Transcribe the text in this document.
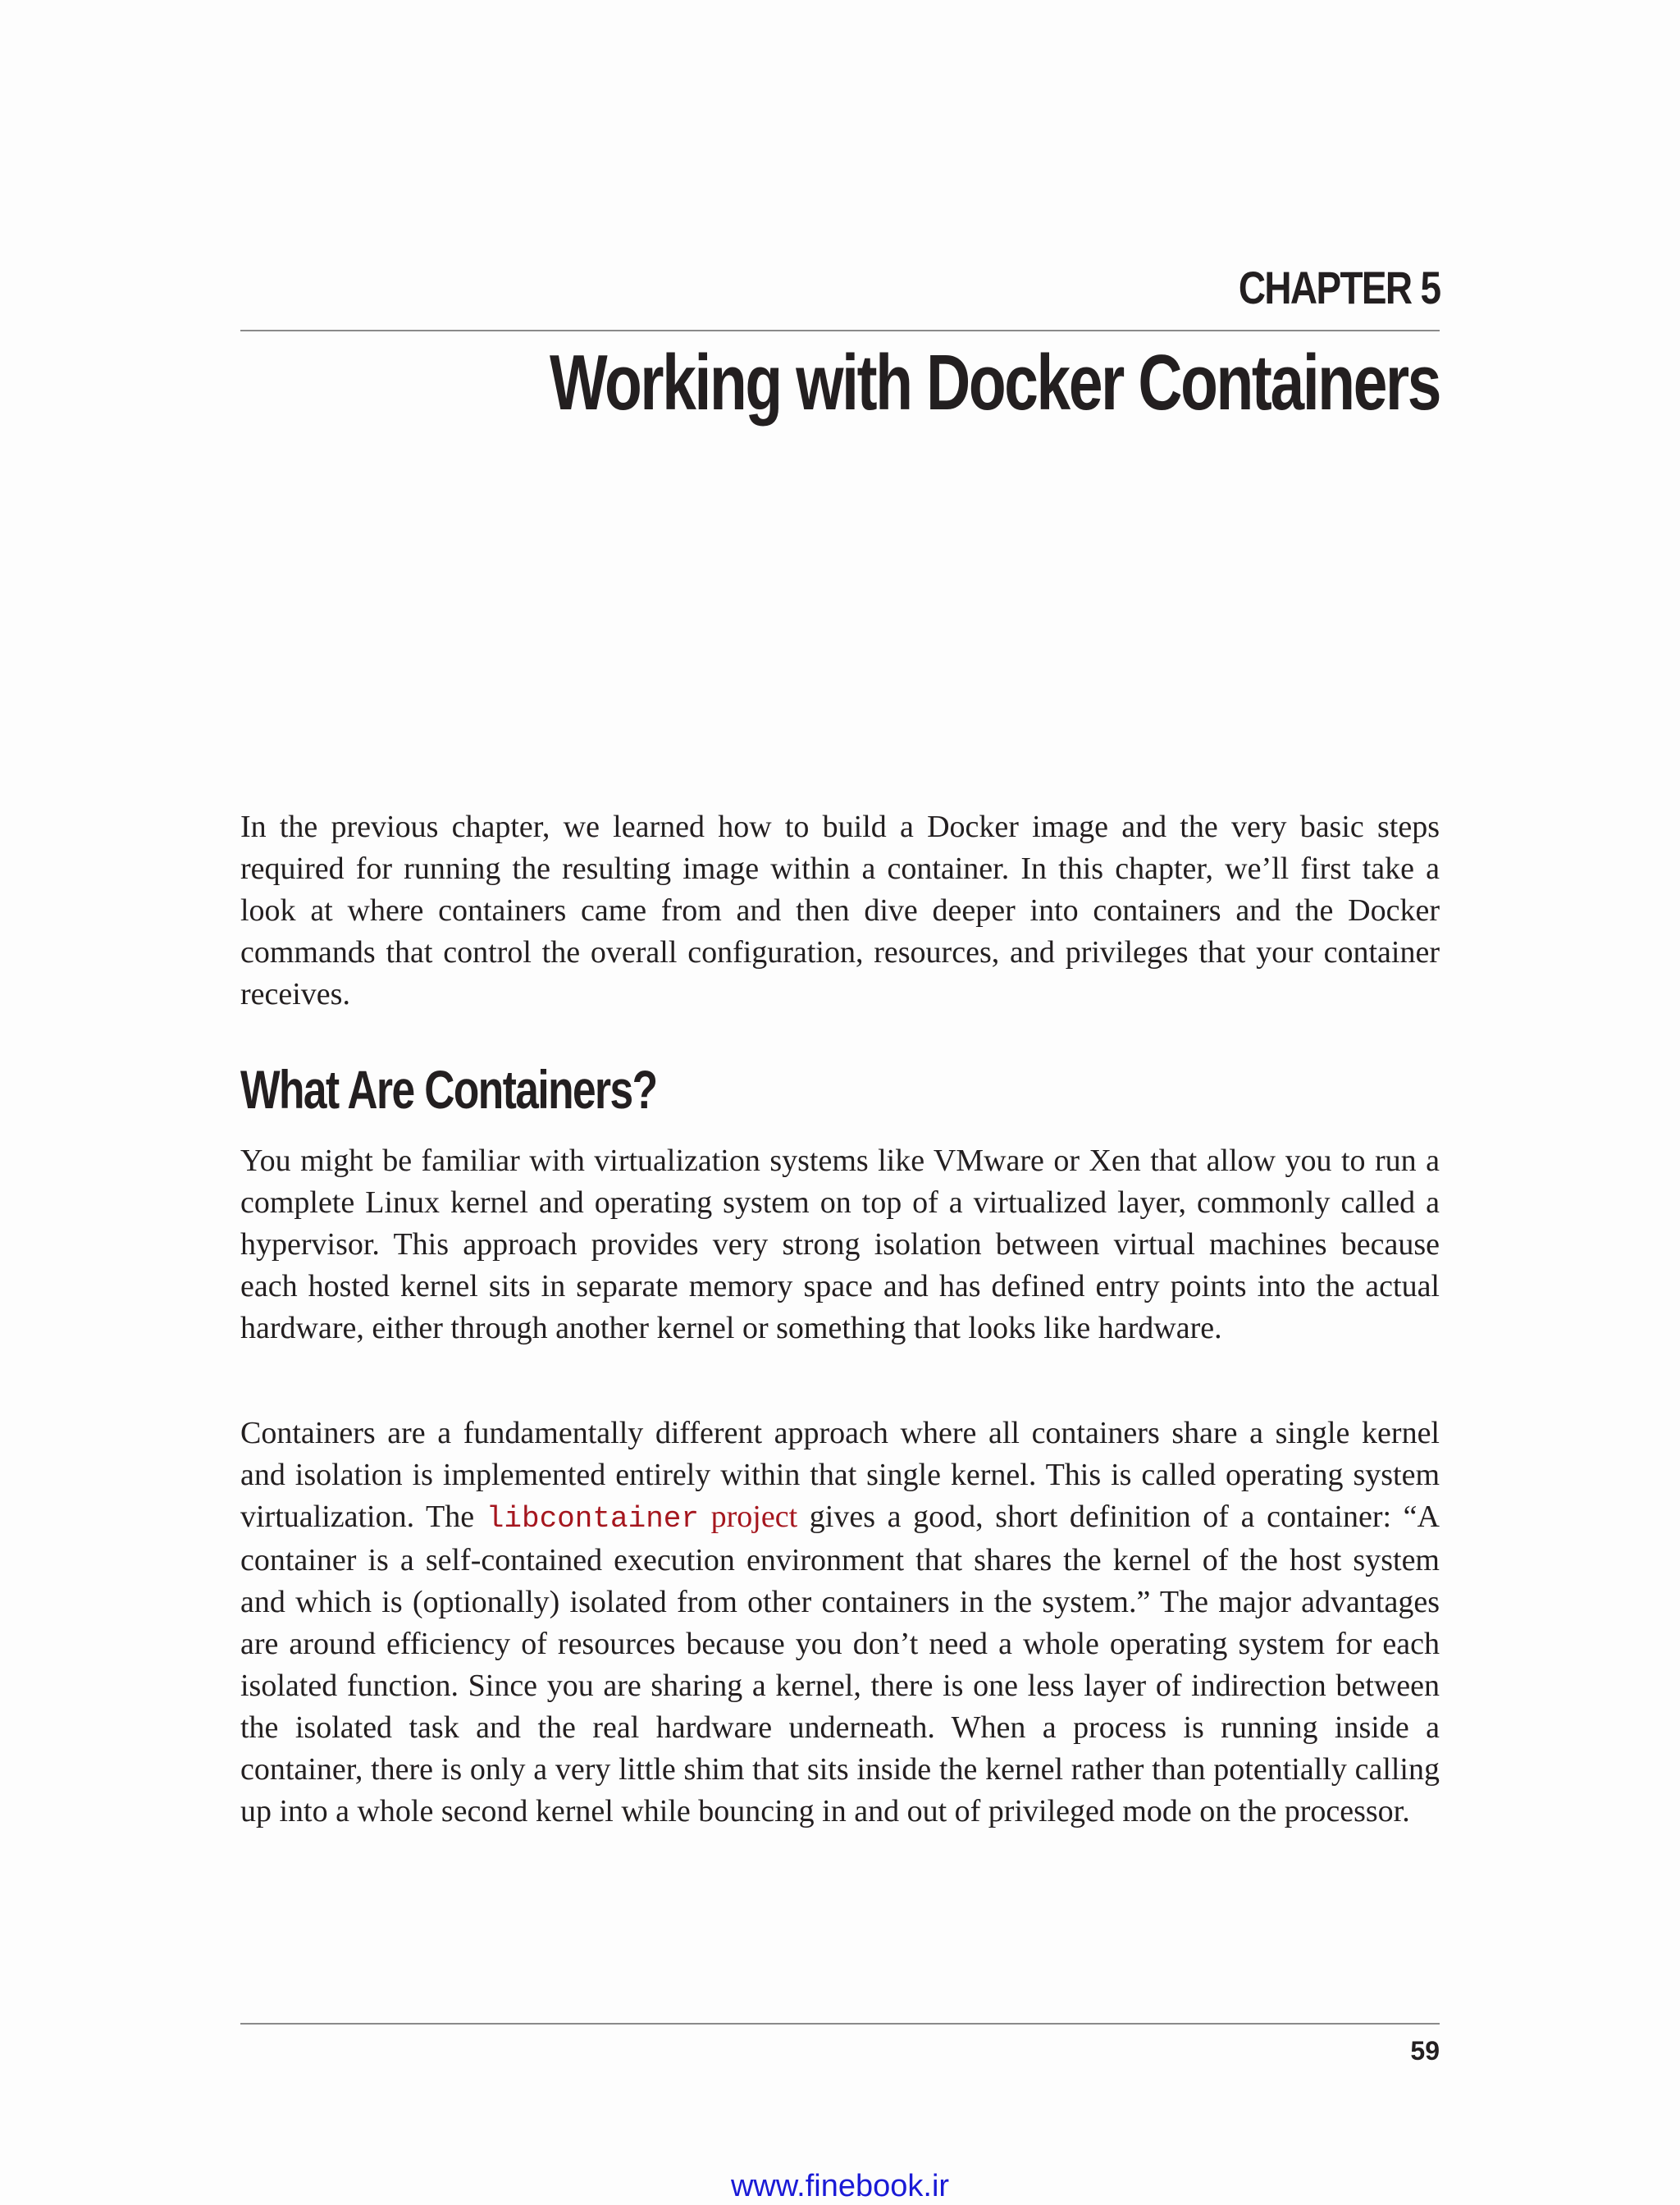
CHAPTER 5
Working with Docker Containers

In the previous chapter, we learned how to build a Docker image and the very basic steps required for running the resulting image within a container. In this chapter, we’ll first take a look at where containers came from and then dive deeper into containers and the Docker commands that control the overall configuration, resources, and privileges that your container receives.

What Are Containers?

You might be familiar with virtualization systems like VMware or Xen that allow you to run a complete Linux kernel and operating system on top of a virtualized layer, commonly called a hypervisor. This approach provides very strong isolation between virtual machines because each hosted kernel sits in separate memory space and has defined entry points into the actual hardware, either through another kernel or something that looks like hardware.

Containers are a fundamentally different approach where all containers share a single kernel and isolation is implemented entirely within that single kernel. This is called operating system virtualization. The libcontainer project gives a good, short definition of a container: “A container is a self-contained execution environment that shares the kernel of the host system and which is (optionally) isolated from other containers in the system.” The major advantages are around efficiency of resources because you don’t need a whole operating system for each isolated function. Since you are sharing a kernel, there is one less layer of indirection between the isolated task and the real hardware underneath. When a process is running inside a container, there is only a very little shim that sits inside the kernel rather than potentially calling up into a whole second kernel while bouncing in and out of privileged mode on the processor.

59
www.finebook.ir
